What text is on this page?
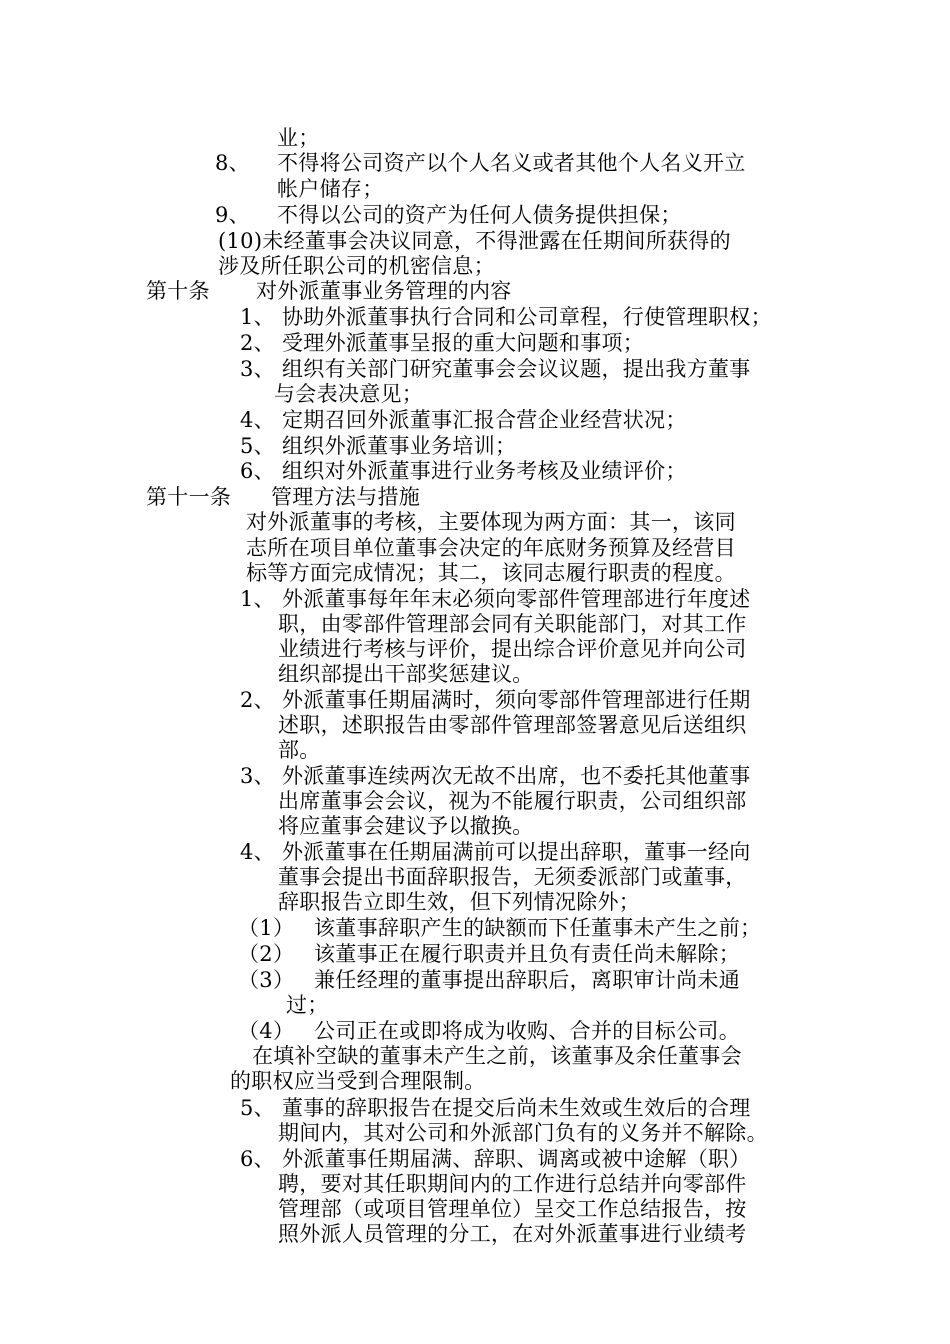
业；
8、 不得将公司资产以个人名义或者其他个人名义开立
帐户储存；
9、 不得以公司的资产为任何人债务提供担保；
(10)未经董事会决议同意，不得泄露在任期间所获得的
涉及所任职公司的机密信息；
第十条 对外派董事业务管理的内容
1、 协助外派董事执行合同和公司章程，行使管理职权；
2、 受理外派董事呈报的重大问题和事项；
3、 组织有关部门研究董事会会议议题，提出我方董事
与会表决意见；
4、 定期召回外派董事汇报合营企业经营状况；
5、 组织外派董事业务培训；
6、 组织对外派董事进行业务考核及业绩评价；
第十一条 管理方法与措施
对外派董事的考核，主要体现为两方面：其一，该同
志所在项目单位董事会决定的年底财务预算及经营目
标等方面完成情况；其二，该同志履行职责的程度。
1、 外派董事每年年末必须向零部件管理部进行年度述
职，由零部件管理部会同有关职能部门，对其工作
业绩进行考核与评价，提出综合评价意见并向公司
组织部提出干部奖惩建议。
2、 外派董事任期届满时，须向零部件管理部进行任期
述职，述职报告由零部件管理部签署意见后送组织
部。
3、 外派董事连续两次无故不出席，也不委托其他董事
出席董事会会议，视为不能履行职责，公司组织部
将应董事会建议予以撤换。
4、 外派董事在任期届满前可以提出辞职，董事一经向
董事会提出书面辞职报告，无须委派部门或董事，
辞职报告立即生效，但下列情况除外；
（1） 该董事辞职产生的缺额而下任董事未产生之前；
（2） 该董事正在履行职责并且负有责任尚未解除；
（3） 兼任经理的董事提出辞职后，离职审计尚未通
过；
（4） 公司正在或即将成为收购、合并的目标公司。
在填补空缺的董事未产生之前，该董事及余任董事会
的职权应当受到合理限制。
5、 董事的辞职报告在提交后尚未生效或生效后的合理
期间内，其对公司和外派部门负有的义务并不解除。
6、 外派董事任期届满、辞职、调离或被中途解（职）
聘，要对其任职期间内的工作进行总结并向零部件
管理部（或项目管理单位）呈交工作总结报告，按
照外派人员管理的分工，在对外派董事进行业绩考
